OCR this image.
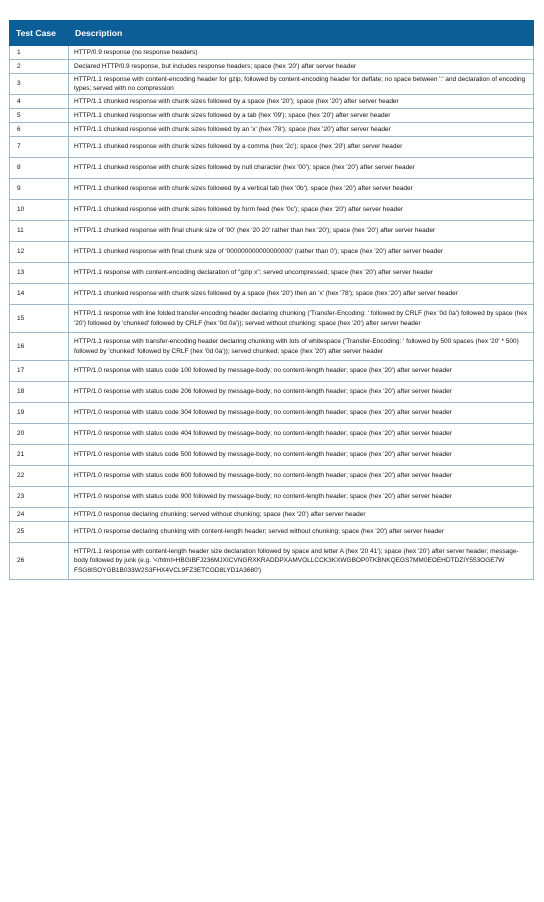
Test Case	Description
1	HTTP/0.9 response (no response headers)
2	Declared HTTP/0.9 response, but includes response headers; space (hex '20') after server header
3	HTTP/1.1 response with content-encoding header for gzip, followed by content-encoding header for deflate; no space between ':' and declaration of encoding types; served with no compression
4	HTTP/1.1 chunked response with chunk sizes followed by a space (hex '20'); space (hex '20') after server header
5	HTTP/1.1 chunked response with chunk sizes followed by a tab (hex '09'); space (hex '20') after server header
6	HTTP/1.1 chunked response with chunk sizes followed by an 'x' (hex '78'); space (hex '20') after server header
7	HTTP/1.1 chunked response with chunk sizes followed by a comma (hex '2c'); space (hex '20') after server header
8	HTTP/1.1 chunked response with chunk sizes followed by null character (hex '00'); space (hex '20') after server header
9	HTTP/1.1 chunked response with chunk sizes followed by a vertical tab (hex '0b'); space (hex '20') after server header
10	HTTP/1.1 chunked response with chunk sizes followed by form feed (hex '0c'); space (hex '20') after server header
11	HTTP/1.1 chunked response with final chunk size of '00' (hex '20 20' rather than hex '20'); space (hex '20') after server header
12	HTTP/1.1 chunked response with final chunk size of '000000000000000000' (rather than 0'); space (hex '20') after server header
13	HTTP/1.1 response with content-encoding declaration of "gzip x"; served uncompressed; space (hex '20') after server header
14	HTTP/1.1 chunked response with chunk sizes followed by a space (hex '20') then an 'x' (hex '78'); space (hex '20') after server header
15	HTTP/1.1 response with line folded transfer-encoding header declaring chunking ('Transfer-Encoding: ' followed by CRLF (hex '0d 0a') followed by space (hex '20') followed by 'chunked' followed by CRLF (hex '0d 0a')); served without chunking; space (hex '20') after server header
16	HTTP/1.1 response with transfer-encoding header declaring chunking with lots of whitespace ('Transfer-Encoding: ' followed by 500 spaces (hex '20' * 500) followed by 'chunked' followed by CRLF (hex '0d 0a')); served chunked; space (hex '20') after server header
17	HTTP/1.0 response with status code 100 followed by message-body; no content-length header; space (hex '20') after server header
18	HTTP/1.0 response with status code 206 followed by message-body; no content-length header; space (hex '20') after server header
19	HTTP/1.0 response with status code 304 followed by message-body; no content-length header; space (hex '20') after server header
20	HTTP/1.0 response with status code 404 followed by message-body; no content-length header; space (hex '20') after server header
21	HTTP/1.0 response with status code 500 followed by message-body; no content-length header; space (hex '20') after server header
22	HTTP/1.0 response with status code 600 followed by message-body; no content-length header; space (hex '20') after server header
23	HTTP/1.0 response with status code 900 followed by message-body; no content-length header; space (hex '20') after server header
24	HTTP/1.0 response declaring chunking; served without chunking; space (hex '20') after server header
25	HTTP/1.0 response declaring chunking with content-length header; served without chunking; space (hex '20') after server header
26	HTTP/1.1 response with content-length header size declaration followed by space and letter A (hex '20 41'); space (hex '20') after server header; message-body followed by junk (e.g. '</html>HBGIBFJ236MJXICVNGRXKRADDPXAMVOLLCCK3KXWGBOP0TKBNKQEGS7MM0EOEHDTDZIY553OGE7W FSG8ISOYGB1B033W2S3FHX4VCL9FZ3ETCGD8LYD1A3680')
